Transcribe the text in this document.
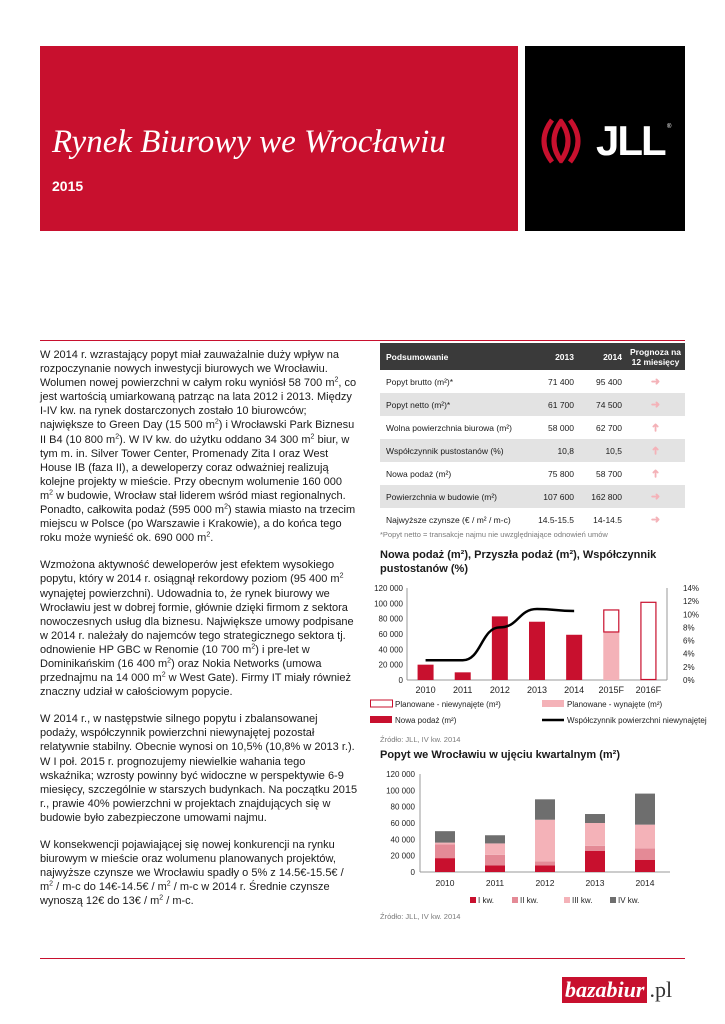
Rynek Biurowy we Wrocławiu
2015
JLL ®

W 2014 r. wzrastający popyt miał zauważalnie duży wpływ na rozpoczynanie nowych inwestycji biurowych we Wrocławiu. Wolumen nowej powierzchni w całym roku wyniósł 58 700 $m^2$, co jest wartością umiarkowaną patrząc na lata 2012 i 2013. Między I-IV kw. na rynek dostarczonych zostało 10 biurowców; największe to Green Day (15 500 $m^2$) i Wrocławski Park Biznesu II B4 (10 800 $m^2$). W IV kw. do użytku oddano 34 300 $m^2$ biur, w tym m. in. Silver Tower Center, Promenady Zita I oraz West House IB (faza II), a deweloperzy coraz odważniej realizują kolejne projekty w mieście. Przy obecnym wolumenie 160 000 $m^2$ w budowie, Wrocław stał liderem wśród miast regionalnych. Ponadto, całkowita podaż (595 000 $m^2$) stawia miasto na trzecim miejscu w Polsce (po Warszawie i Krakowie), a do końca tego roku może wynieść ok. 690 000 $m^2$.

Wzmożona aktywność deweloperów jest efektem wysokiego popytu, który w 2014 r. osiągnął rekordowy poziom (95 400 $m^2$ wynajętej powierzchni). Udowadnia to, że rynek biurowy we Wrocławiu jest w dobrej formie, głównie dzięki firmom z sektora nowoczesnych usług dla biznesu. Największe umowy podpisane w 2014 r. należały do najemców tego strategicznego sektora tj. odnowienie HP GBC w Renomie (10 700 $m^2$) i pre-let w Dominikańskim (16 400 $m^2$) oraz Nokia Networks (umowa przednajmu na 14 000 $m^2$ w West Gate). Firmy IT miały również znaczny udział w całościowym popycie.

W 2014 r., w następstwie silnego popytu i zbalansowanej podaży, współczynnik powierzchni niewynajętej pozostał relatywnie stabilny. Obecnie wynosi on 10,5% (10,8% w 2013 r.). W I poł. 2015 r. prognozujemy niewielkie wahania tego wskaźnika; wzrosty powinny być widoczne w perspektywie 6-9 miesięcy, szczególnie w starszych budynkach. Na początku 2015 r., prawie 40% powierzchni w projektach znajdujących się w budowie było zabezpieczone umowami najmu.

W konsekwencji pojawiającej się nowej konkurencji na rynku biurowym w mieście oraz wolumenu planowanych projektów, najwyższe czynsze we Wrocławiu spadły o 5% z 14.5€-15.5€ / $m^2 / m-c$ do 14€-14.5€ / $m^2 / m-c$ w 2014 r. Średnie czynsze wynoszą 12€ do 13€ / $m^2 / m-c$.

Podsumowanie	2013	2014	Prognoza na 12 miesięcy
Popyt brutto (m²)*	71 400	95 400	➜
Popyt netto (m²)*	61 700	74 500	➜
Wolna powierzchnia biurowa (m²)	58 000	62 700	➜
Współczynnik pustostanów (%)	10,8	10,5	➜
Nowa podaż (m²)	75 800	58 700	➜
Powierzchnia w budowie (m²)	107 600	162 800	➜
Najwyższe czynsze (€ / m² / m-c)	14.5-15.5	14-14.5	➜
*Popyt netto = transakcje najmu nie uwzględniające odnowień umów
Nowa podaż (m²), Przyszła podaż (m²), Współczynnik pustostanów (%)
0
20 000
40 000
60 000
80 000
100 000
120 000
0%
2%
4%
6%
8%
10%
12%
14%
2010 2011 2012 2013 2014 2015F 2016F
Planowane - niewynajęte (m²)	Planowane - wynajęte (m²)
Nowa podaż (m²)	Współczynnik powierzchni niewynajętej
Źródło: JLL, IV kw. 2014
Popyt we Wrocławiu w ujęciu kwartalnym (m²)
0
20 000
40 000
60 000
80 000
100 000
120 000
2010	2011	2012	2013	2014
I kw.	II kw.	III kw.	IV kw.
Źródło: JLL, IV kw. 2014
bazabiur .pl
